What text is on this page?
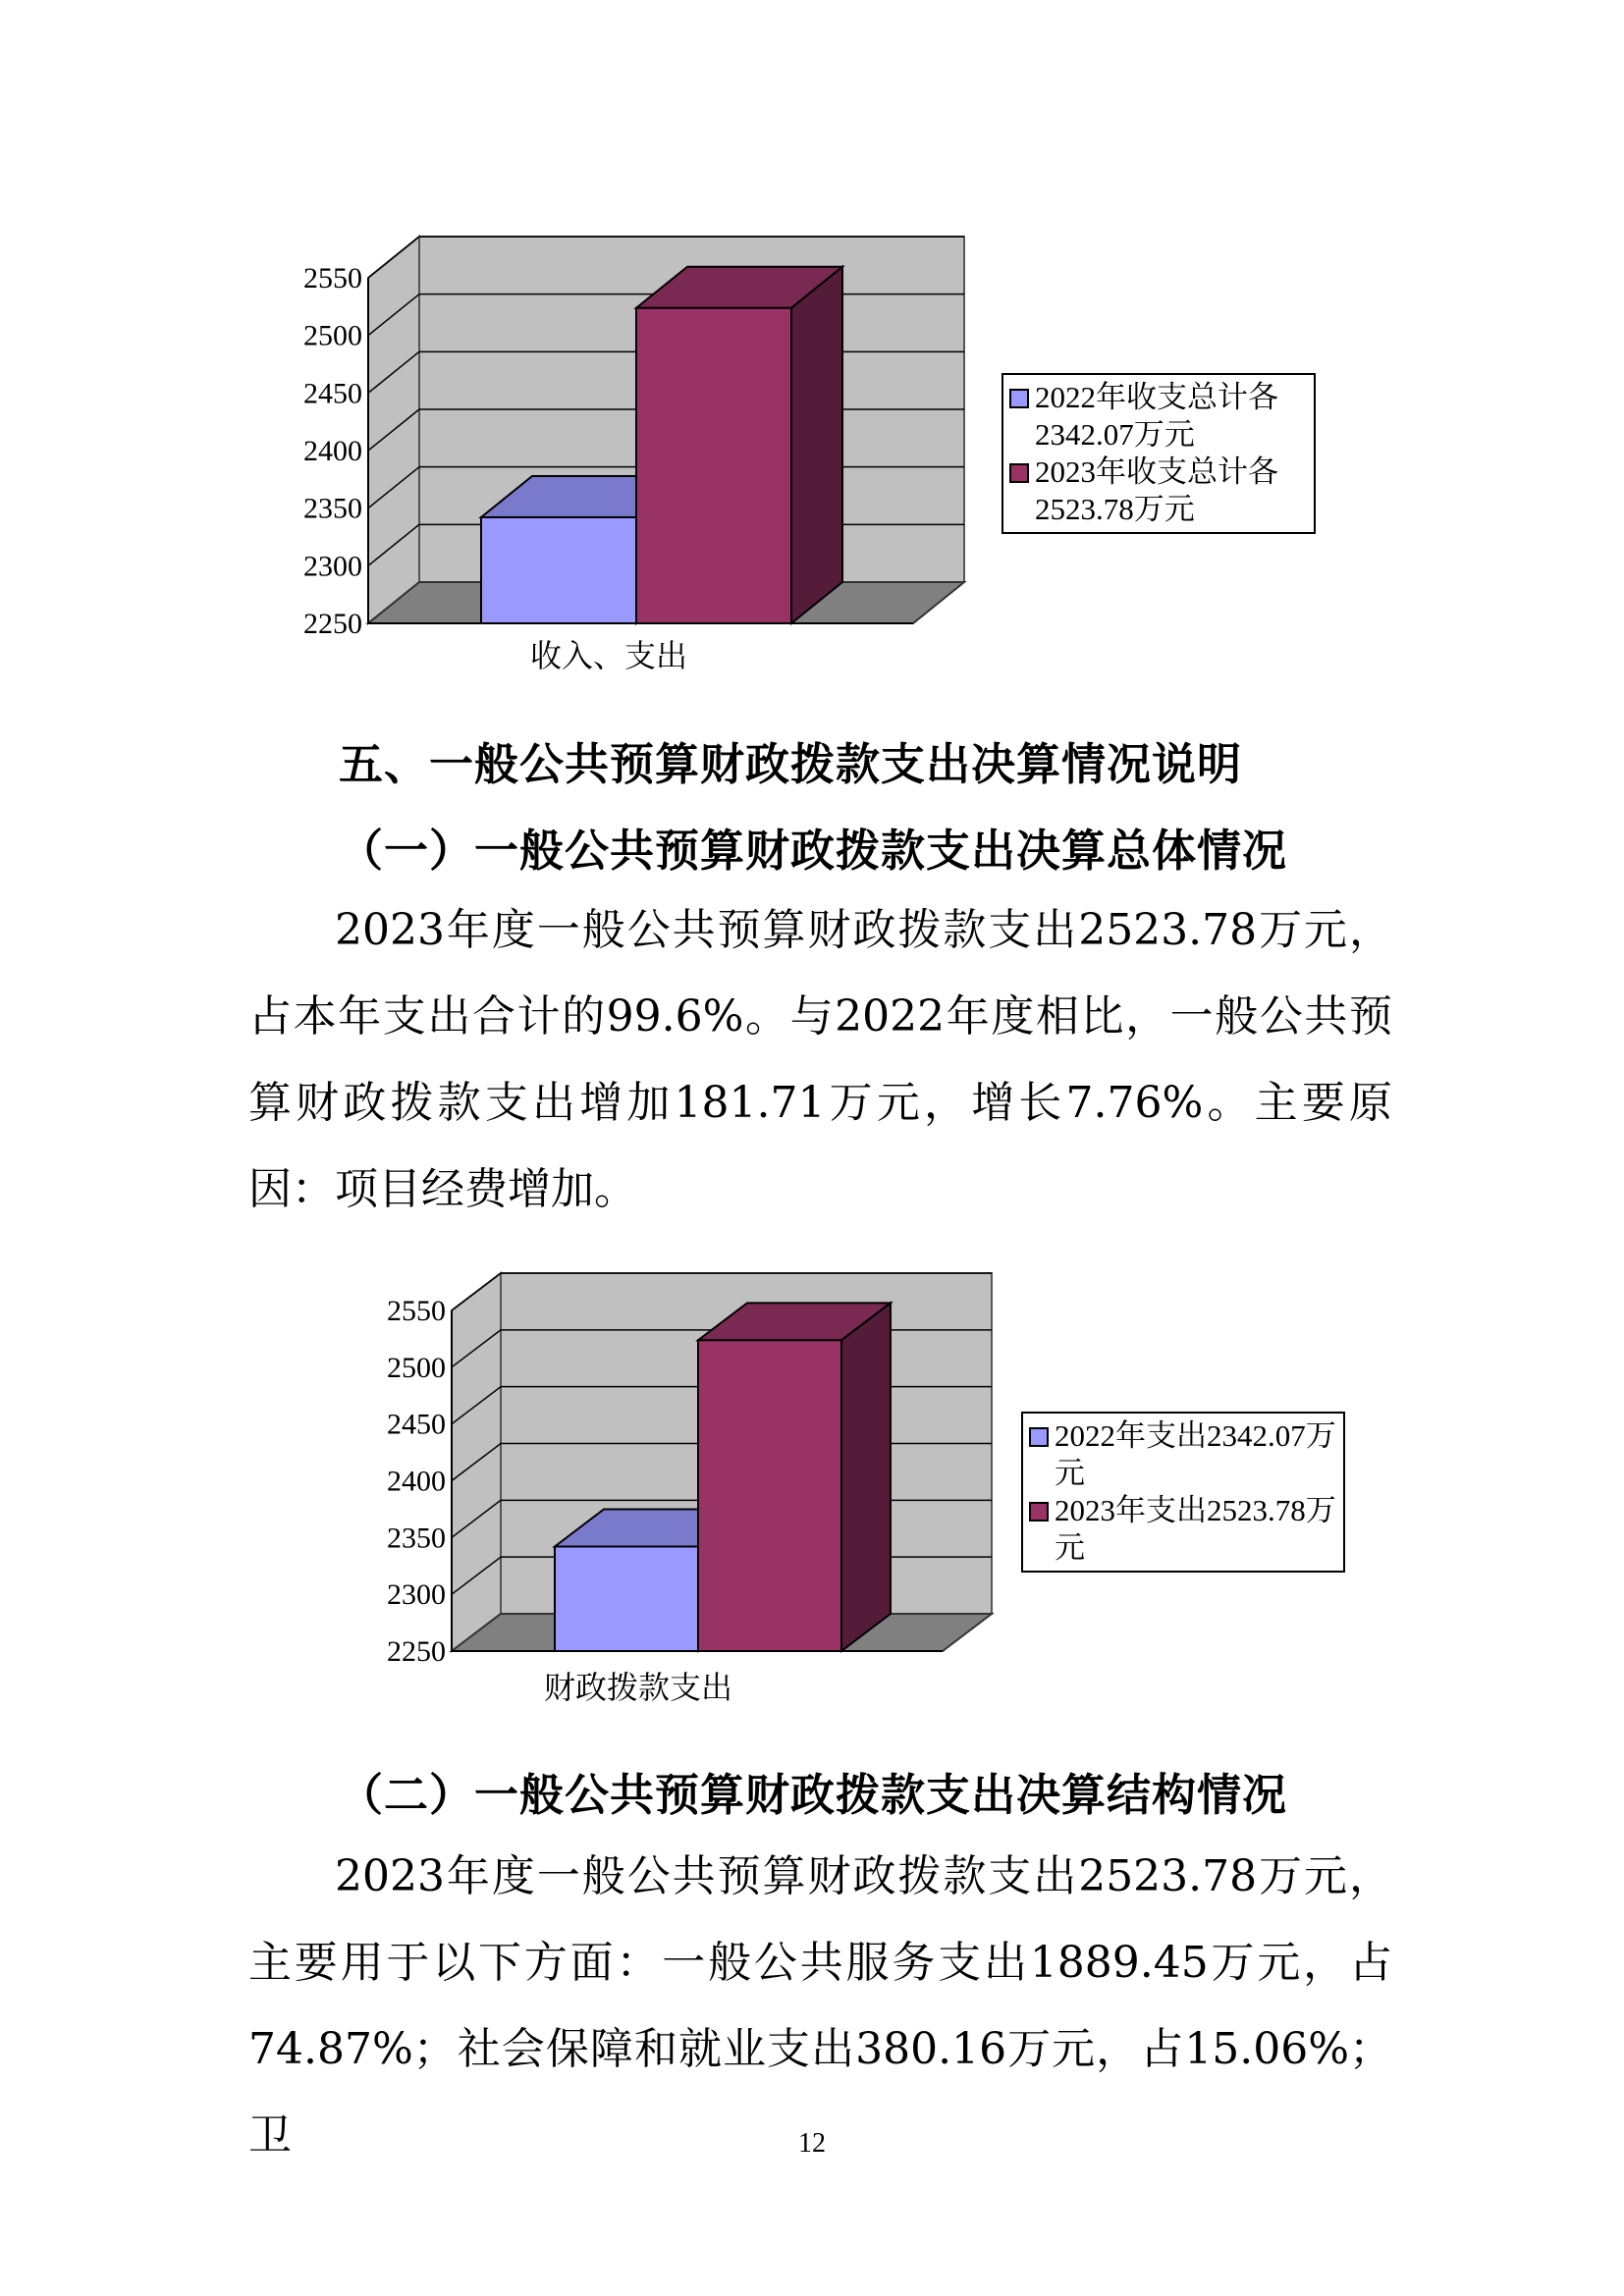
2550
2500
2450
2400
2350
2300
2250
收入、支出
2022年收支总计各2342.07万元
2023年收支总计各2523.78万元
五、一般公共预算财政拨款支出决算情况说明
（一）一般公共预算财政拨款支出决算总体情况
2023年度一般公共预算财政拨款支出2523.78万元，占本年支出合计的99.6%。与2022年度相比，一般公共预算财政拨款支出增加181.71万元，增长7.76%。主要原因：项目经费增加。
2550
2500
2450
2400
2350
2300
2250
财政拨款支出
2022年支出2342.07万元
2023年支出2523.78万元
（二）一般公共预算财政拨款支出决算结构情况
2023年度一般公共预算财政拨款支出2523.78万元，主要用于以下方面：一般公共服务支出1889.45万元，占74.87%；社会保障和就业支出380.16万元，占15.06%；卫	12
